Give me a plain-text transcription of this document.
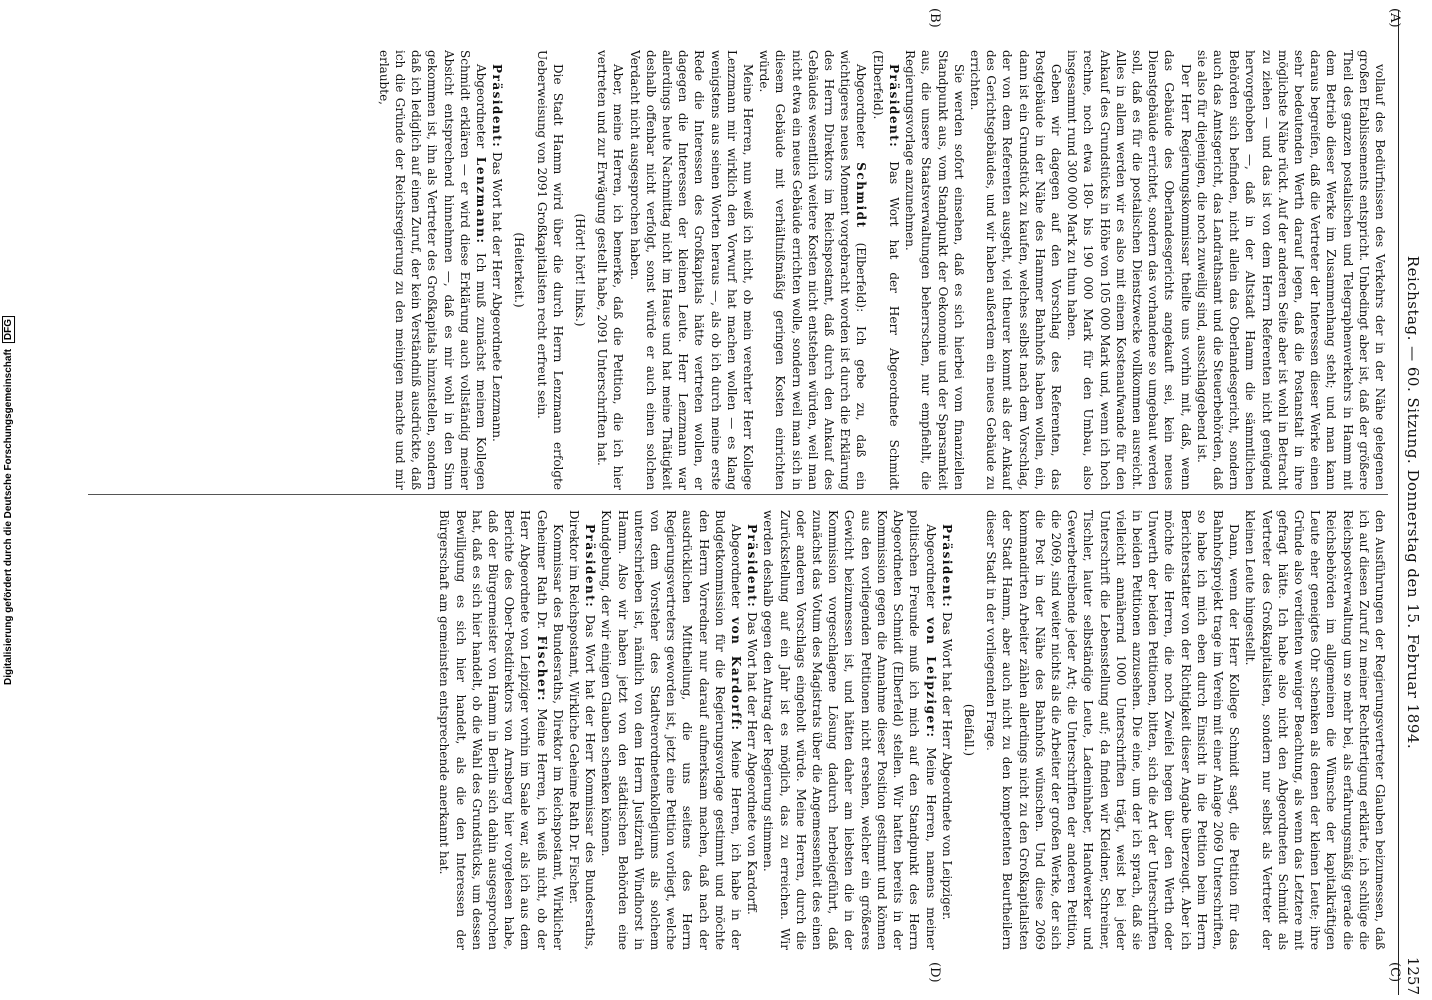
Reichstag. — 60. Sitzung. Donnerstag den 15. Februar 1894.
1257
(A)
(B)
(C)
(D)

vollauf des Bedürfnissen des Verkehrs der in der Nähe gelegenen großen Etablissements entspricht. Unbedingt aber ist, daß der größere Theil des ganzen postalischen und Telegraphenverkehrs in Hamm mit dem Betrieb dieser Werke im Zusammenhang steht; und man kann daraus begreifen, daß die Vertreter der Interessen dieser Werke einen sehr bedeutenden Werth darauf legen, daß die Postanstalt in ihre möglichste Nähe rückt. Auf der anderen Seite aber ist wohl in Betracht zu ziehen — und das ist von dem Herrn Referenten nicht genügend hervorgehoben —, daß in der Altstadt Hamm die sämmtlichen Behörden sich befinden, nicht allein das Oberlandesgericht, sondern auch das Amtsgericht, das Landrathsamt und die Steuerbehörden, daß sie also für diejenigen, die noch zuweilig sind, ausschlaggebend ist.

Der Herr Regierungskommissar theilte uns vorhin mit, daß, wenn das Gebäude des Oberlandesgerichts angekauft sei, kein neues Dienstgebäude errichtet, sondern das vorhandene so umgebaut werden soll, daß es für die postalischen Dienstzwecke vollkommen ausreicht. Alles in allem werden wir es also mit einem Kostenaufwande für den Ankauf des Grundstücks in Höhe von 105 000 Mark und, wenn ich hoch rechne, noch etwa 180- bis 190 000 Mark für den Umbau, also insgesammt rund 300 000 Mark zu thun haben.

Geben wir dagegen auf den Vorschlag des Referenten, das Postgebäude in der Nähe des Hammer Bahnhofs haben wollen, ein, dann ist ein Grundstück zu kaufen, welches selbst nach dem Vorschlag, der von dem Referenten ausgeht, viel theurer kommt als der Ankauf des Gerichtsgebäudes, und wir haben außerdem ein neues Gebäude zu errichten.

Sie werden sofort einsehen, daß es sich hierbei vom finanziellen Standpunkt aus, vom Standpunkt der Oekonomie und der Sparsamkeit aus, die unsere Staatsverwaltungen beherrschen, nur empfiehlt, die Regierungsvorlage anzunehmen.

Präsident: Das Wort hat der Herr Abgeordnete Schmidt (Elberfeld).

Abgeordneter Schmidt (Elberfeld): Ich gebe zu, daß ein wichtigeres neues Moment vorgebracht worden ist durch die Erklärung des Herrn Direktors im Reichspostamt, daß durch den Ankauf des Gebäudes wesentlich weitere Kosten nicht entstehen würden, weil man nicht etwa ein neues Gebäude errichten wolle, sondern weil man sich in diesem Gebäude mit verhältnißmäßig geringen Kosten einrichten würde.

Meine Herren, nun weiß ich nicht, ob mein verehrter Herr Kollege Lenzmann mir wirklich den Vorwurf hat machen wollen — es klang wenigstens aus seinen Worten heraus —, als ob ich durch meine erste Rede die Interessen des Großkapitals hätte vertreten wollen, er dagegen die Interessen der kleinen Leute. Herr Lenzmann war allerdings heute Nachmittag nicht im Hause und hat meine Thätigkeit deshalb offenbar nicht verfolgt, sonst würde er auch einen solchen Verdacht nicht ausgesprochen haben.

Aber, meine Herren, ich bemerke, daß die Petition, die ich hier vertreten und zur Erwägung gestellt habe, 2091 Unterschriften hat.

(Hört! hört! links.)

Die Stadt Hamm wird über die durch Herrn Lenzmann erfolgte Ueberweisung von 2091 Großkapitalisten recht erfreut sein.

(Heiterkeit.)

Präsident: Das Wort hat der Herr Abgeordnete Lenzmann.

Abgeordneter Lenzmann: Ich muß zunächst meinem Kollegen Schmidt erklären — er wird diese Erklärung auch vollständig meiner Absicht entsprechend hinnehmen —, daß es mir wohl in den Sinn gekommen ist, ihn als Vertreter des Großkapitals hinzustellen, sondern daß ich lediglich auf einen Zuruf, der kein Verständniß ausdrückte, daß ich die Gründe der Reichsregierung zu den meinigen machte und mir erlaubte,

den Ausführungen der Regierungsvertreter Glauben beizumessen, daß ich auf diesen Zuruf zu meiner Rechtfertigung erklärte, ich schlüge die Reichspostverwaltung um so mehr bei, als erfahrungsmäßig gerade die Reichsbehörden im allgemeinen die Wünsche der kapitalkräftigen Leute eher geneigtes Ohr schenken als denen der kleinen Leute; ihre Gründe also verdienten weniger Beachtung, als wenn das Letztere mit gefragt hätte. Ich habe also nicht den Abgeordneten Schmidt als Vertreter des Großkapitalisten, sondern nur selbst als Vertreter der kleinen Leute hingestellt.

Dann, wenn der Herr Kollege Schmidt sagt, die Petition für das Bahnhofsprojekt trage im Verein mit einer Anlage 2069 Unterschriften, so habe ich mich eben durch Einsicht in die Petition beim Herrn Berichterstatter von der Richtigkeit dieser Angabe überzeugt. Aber ich möchte die Herren, die noch Zweifel hegen über den Werth oder Unwerth der beiden Petitionen, bitten, sich die Art der Unterschriften in beiden Petitionen anzusehen. Die eine, um der ich sprach, daß sie vielleicht annähernd 1000 Unterschriften trägt, weist bei jeder Unterschrift die Lebensstellung auf; da finden wir Kleidner, Schreiner, Tischler, lauter selbständige Leute, Ladeninhaber, Handwerker und Gewerbetreibende jeder Art; die Unterschriften der anderen Petition, die 2069, sind weiter nichts als die Arbeiter der großen Werke, der sich die Post in der Nähe des Bahnhofs wünschen. Und diese 2069 kommandirten Arbeiter zählen allerdings nicht zu den Großkapitalisten der Stadt Hamm, aber auch nicht zu den kompetenten Beurtheilern dieser Stadt in der vorliegenden Frage.

(Beifall.)

Präsident: Das Wort hat der Herr Abgeordnete von Leipziger.

Abgeordneter von Leipziger: Meine Herren, namens meiner politischen Freunde muß ich mich auf den Standpunkt des Herrn Abgeordneten Schmidt (Elberfeld) stellen. Wir hatten bereits in der Kommission gegen die Annahme dieser Position gestimmt und können aus den vorliegenden Petitionen nicht ersehen, welcher ein größeres Gewicht beizumessen ist, und hätten daher am liebsten die in der Kommission vorgeschlagene Lösung dadurch herbeigeführt, daß zunächst das Votum des Magistrats über die Angemessenheit des einen oder anderen Vorschlags eingeholt würde. Meine Herren, durch die Zurückstellung auf ein Jahr ist es möglich, das zu erreichen. Wir werden deshalb gegen den Antrag der Regierung stimmen.

Präsident: Das Wort hat der Herr Abgeordnete von Kardorff.

Abgeordneter von Kardorff: Meine Herren, ich habe in der Budgetkommission für die Regierungsvorlage gestimmt und möchte den Herrn Vorredner nur darauf aufmerksam machen, daß nach der ausdrücklichen Mittheilung, die uns seitens des Herrn Regierungsvertreters geworden ist, jetzt eine Petition vorliegt, welche von dem Vorsteher des Stadtverordnetenkollegiums als solchem unterschrieben ist, nämlich von dem Herrn Justizrath Windhorst in Hamm. Also wir haben jetzt von den städtischen Behörden eine Kundgebung, der wir einigen Glauben schenken können.

Präsident: Das Wort hat der Herr Kommissar des Bundesraths, Direktor im Reichspostamt, Wirkliche Geheime Rath Dr. Fischer.

Kommissar des Bundesraths, Direktor im Reichspostamt, Wirklicher Geheimer Rath Dr. Fischer: Meine Herren, ich weiß nicht, ob der Herr Abgeordnete von Leipziger vorhin im Saale war, als ich aus dem Berichte des Ober-Postdirektors von Arnsberg hier vorgelesen habe, daß der Bürgermeister von Hamm in Berlin sich dahin ausgesprochen hat, daß es sich hier handelt, ob die Wahl des Grundstücks, um dessen Bewilligung es sich hier handelt, als die den Interessen der Bürgerschaft am gemeinsten entsprechende anerkannt hat.

Digitalisierung gefördert durch die Deutsche Forschungsgemeinschaft DFG
